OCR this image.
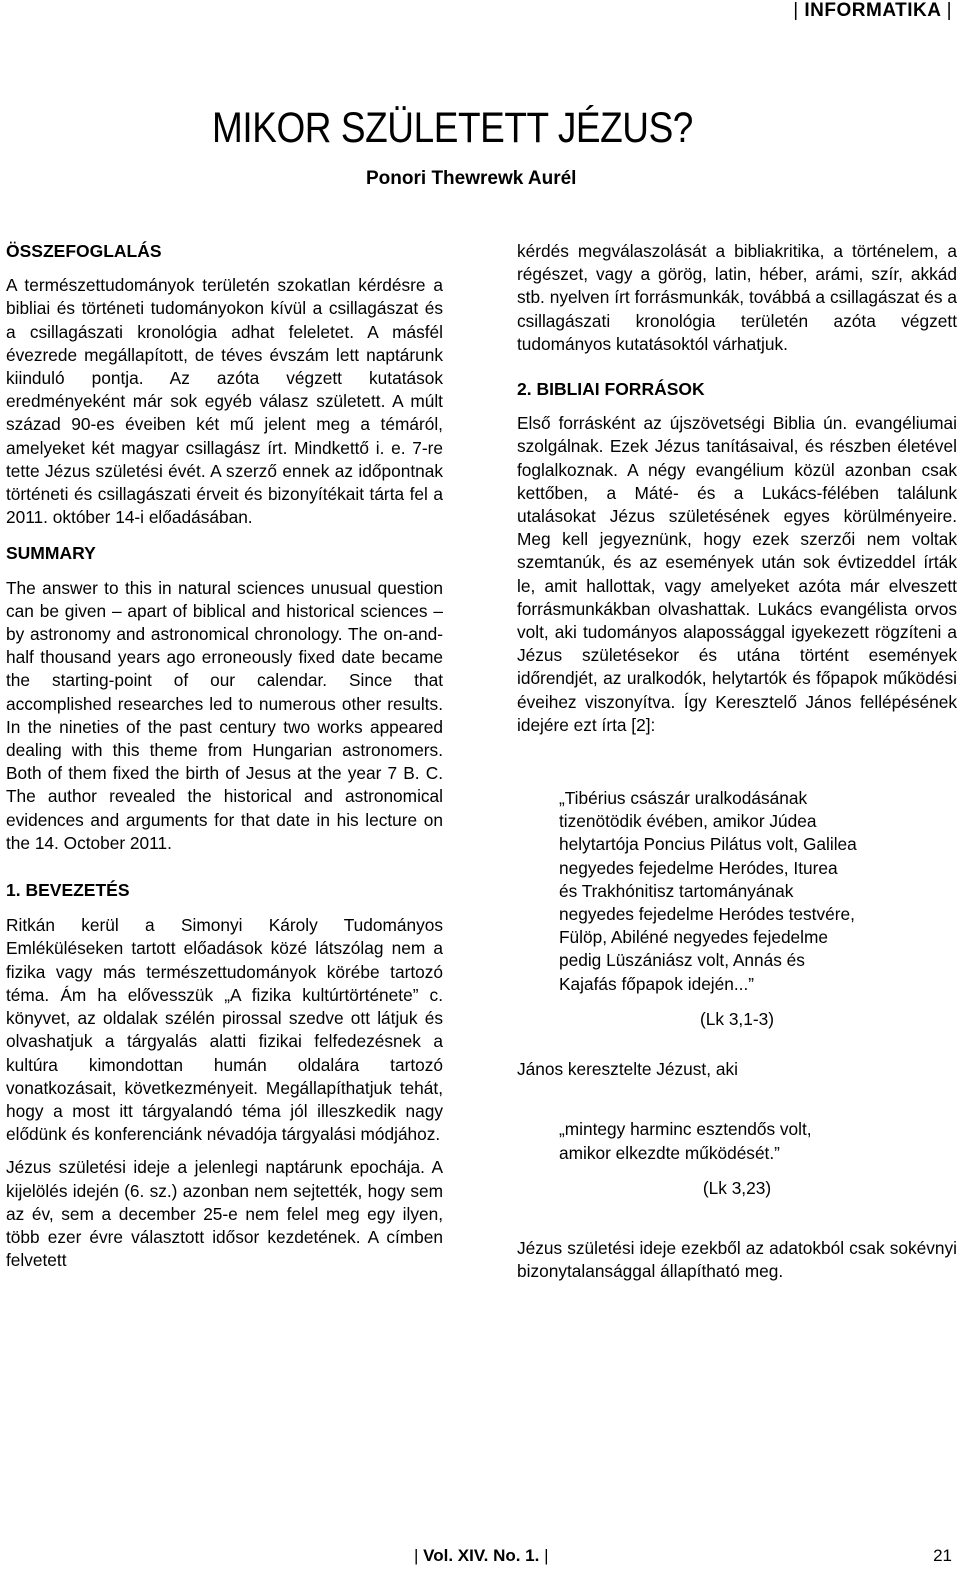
| INFORMATIKA |
MIKOR SZÜLETETT JÉZUS?
Ponori Thewrewk Aurél
ÖSSZEFOGLALÁS

A természettudományok területén szokatlan kérdésre a bibliai és történeti tudományokon kívül a csillagászat és a csillagászati kronológia adhat feleletet. A másfél évezrede megállapított, de téves évszám lett naptárunk kiinduló pontja. Az azóta végzett kutatások eredményeként már sok egyéb válasz született. A múlt század 90-es éveiben két mű jelent meg a témáról, amelyeket két magyar csillagász írt. Mindkettő i. e. 7-re tette Jézus születési évét. A szerző ennek az időpontnak történeti és csillagászati érveit és bizonyítékait tárta fel a 2011. október 14-i előadásában.

SUMMARY

The answer to this in natural sciences unusual question can be given – apart of biblical and historical sciences – by astronomy and astronomical chronology. The on-and-half thousand years ago erroneously fixed date became the starting-point of our calendar. Since that accomplished researches led to numerous other results. In the nineties of the past century two works appeared dealing with this theme from Hungarian astronomers. Both of them fixed the birth of Jesus at the year 7 B. C. The author revealed the historical and astronomical evidences and arguments for that date in his lecture on the 14. October 2011.

1. BEVEZETÉS

Ritkán kerül a Simonyi Károly Tudományos Emléküléseken tartott előadások közé látszólag nem a fizika vagy más természettudományok körébe tartozó téma. Ám ha elővesszük „A fizika kultúrtörténete” c. könyvet, az oldalak szélén pirossal szedve ott látjuk és olvashatjuk a tárgyalás alatti fizikai felfedezésnek a kultúra kimondottan humán oldalára tartozó vonatkozásait, következményeit. Megállapíthatjuk tehát, hogy a most itt tárgyalandó téma jól illeszkedik nagy elődünk és konferenciánk névadója tárgyalási módjához.

Jézus születési ideje a jelenlegi naptárunk epochája. A kijelölés idején (6. sz.) azonban nem sejtették, hogy sem az év, sem a december 25-e nem felel meg egy ilyen, több ezer évre választott idősor kezdetének. A címben felvetett

kérdés megválaszolását a bibliakritika, a történelem, a régészet, vagy a görög, latin, héber, arámi, szír, akkád stb. nyelven írt forrásmunkák, továbbá a csillagászat és a csillagászati kronológia területén azóta végzett tudományos kutatásoktól várhatjuk.

2. BIBLIAI FORRÁSOK

Első forrásként az újszövetségi Biblia ún. evangéliumai szolgálnak. Ezek Jézus tanításaival, és részben életével foglalkoznak. A négy evangélium közül azonban csak kettőben, a Máté- és a Lukács-félében találunk utalásokat Jézus születésének egyes körülményeire. Meg kell jegyeznünk, hogy ezek szerzői nem voltak szemtanúk, és az események után sok évtizeddel írták le, amit hallottak, vagy amelyeket azóta már elveszett forrásmunkákban olvashattak. Lukács evangélista orvos volt, aki tudományos alapossággal igyekezett rögzíteni a Jézus születésekor és utána történt események időrendjét, az uralkodók, helytartók és főpapok működési éveihez viszonyítva. Így Keresztelő János fellépésének idejére ezt írta [2]:

„Tibérius császár uralkodásának
tizenötödik évében, amikor Júdea
helytartója Poncius Pilátus volt, Galilea
negyedes fejedelme Heródes, Iturea
és Trakhónitisz tartományának
negyedes fejedelme Heródes testvére,
Fülöp, Abiléné negyedes fejedelme
pedig Lüszániász volt, Annás és
Kajafás főpapok idején...”

(Lk 3,1-3)

János keresztelte Jézust, aki

„mintegy harminc esztendős volt,
amikor elkezdte működését.”

(Lk 3,23)

Jézus születési ideje ezekből az adatokból csak sokévnyi bizonytalansággal állapítható meg.

| Vol. XIV. No. 1. |	21
